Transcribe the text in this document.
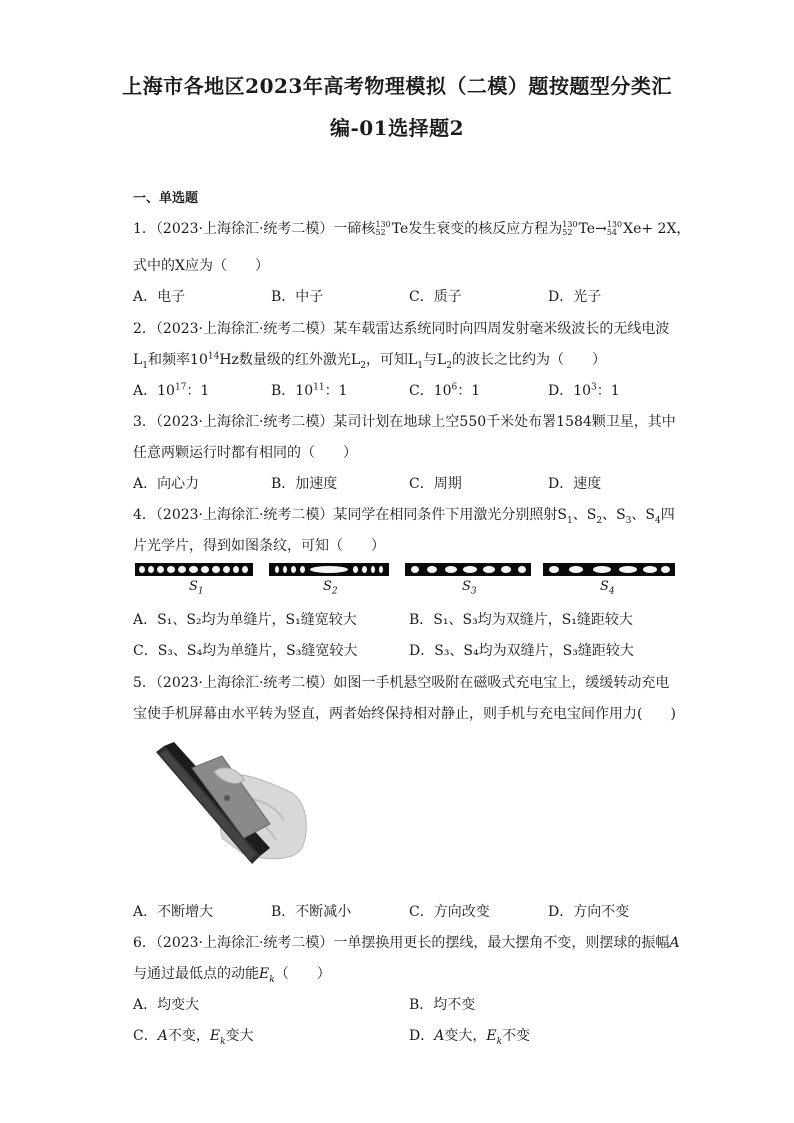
上海市各地区2023年高考物理模拟（二模）题按题型分类汇
编-01选择题2
一、单选题
1．（2023·上海徐汇·统考二模）一碲核 130
52 Te发生衰变的核反应方程为 130
52 Te→ 130
54 Xe+ 2X，
式中的X应为（　　）
A．电子	B．中子	C．质子	D．光子
2．（2023·上海徐汇·统考二模）某车载雷达系统同时向四周发射毫米级波长的无线电波
$L_1$和频率$10^{14}Hz$数量级的红外激光$L_2$，可知$L_1$与$L_2$的波长之比约为（　　）
A．$10^{17}$：1	B．$10^{11}$：1	C．$10^6$：1	D．$10^3$：1
3．（2023·上海徐汇·统考二模）某司计划在地球上空550千米处布署1584颗卫星，其中
任意两颗运行时都有相同的（　　）
A．向心力	B．加速度	C．周期	D．速度
4．（2023·上海徐汇·统考二模）某同学在相同条件下用激光分别照射$S_1$、$S_2$、$S_3$、$S_4$四
片光学片，得到如图条纹，可知（　　）
$S_1$	$S_2$	$S_3$	$S_4$
A．S₁、S₂均为单缝片，S₁缝宽较大	B．S₁、S₃均为双缝片，S₁缝距较大
C．S₃、S₄均为单缝片，S₃缝宽较大	D．S₃、S₄均为双缝片，S₃缝距较大
5．（2023·上海徐汇·统考二模）如图一手机悬空吸附在磁吸式充电宝上，缓缓转动充电
宝使手机屏幕由水平转为竖直，两者始终保持相对静止，则手机与充电宝间作用力(　　)
A．不断增大	B．不断减小	C．方向改变	D．方向不变
6．（2023·上海徐汇·统考二模）一单摆换用更长的摆线，最大摆角不变，则摆球的振幅A
与通过最低点的动能$E_k$（　　）
A．均变大	B．均不变
C．A不变，$E_k$变大	D．A变大，$E_k$不变
